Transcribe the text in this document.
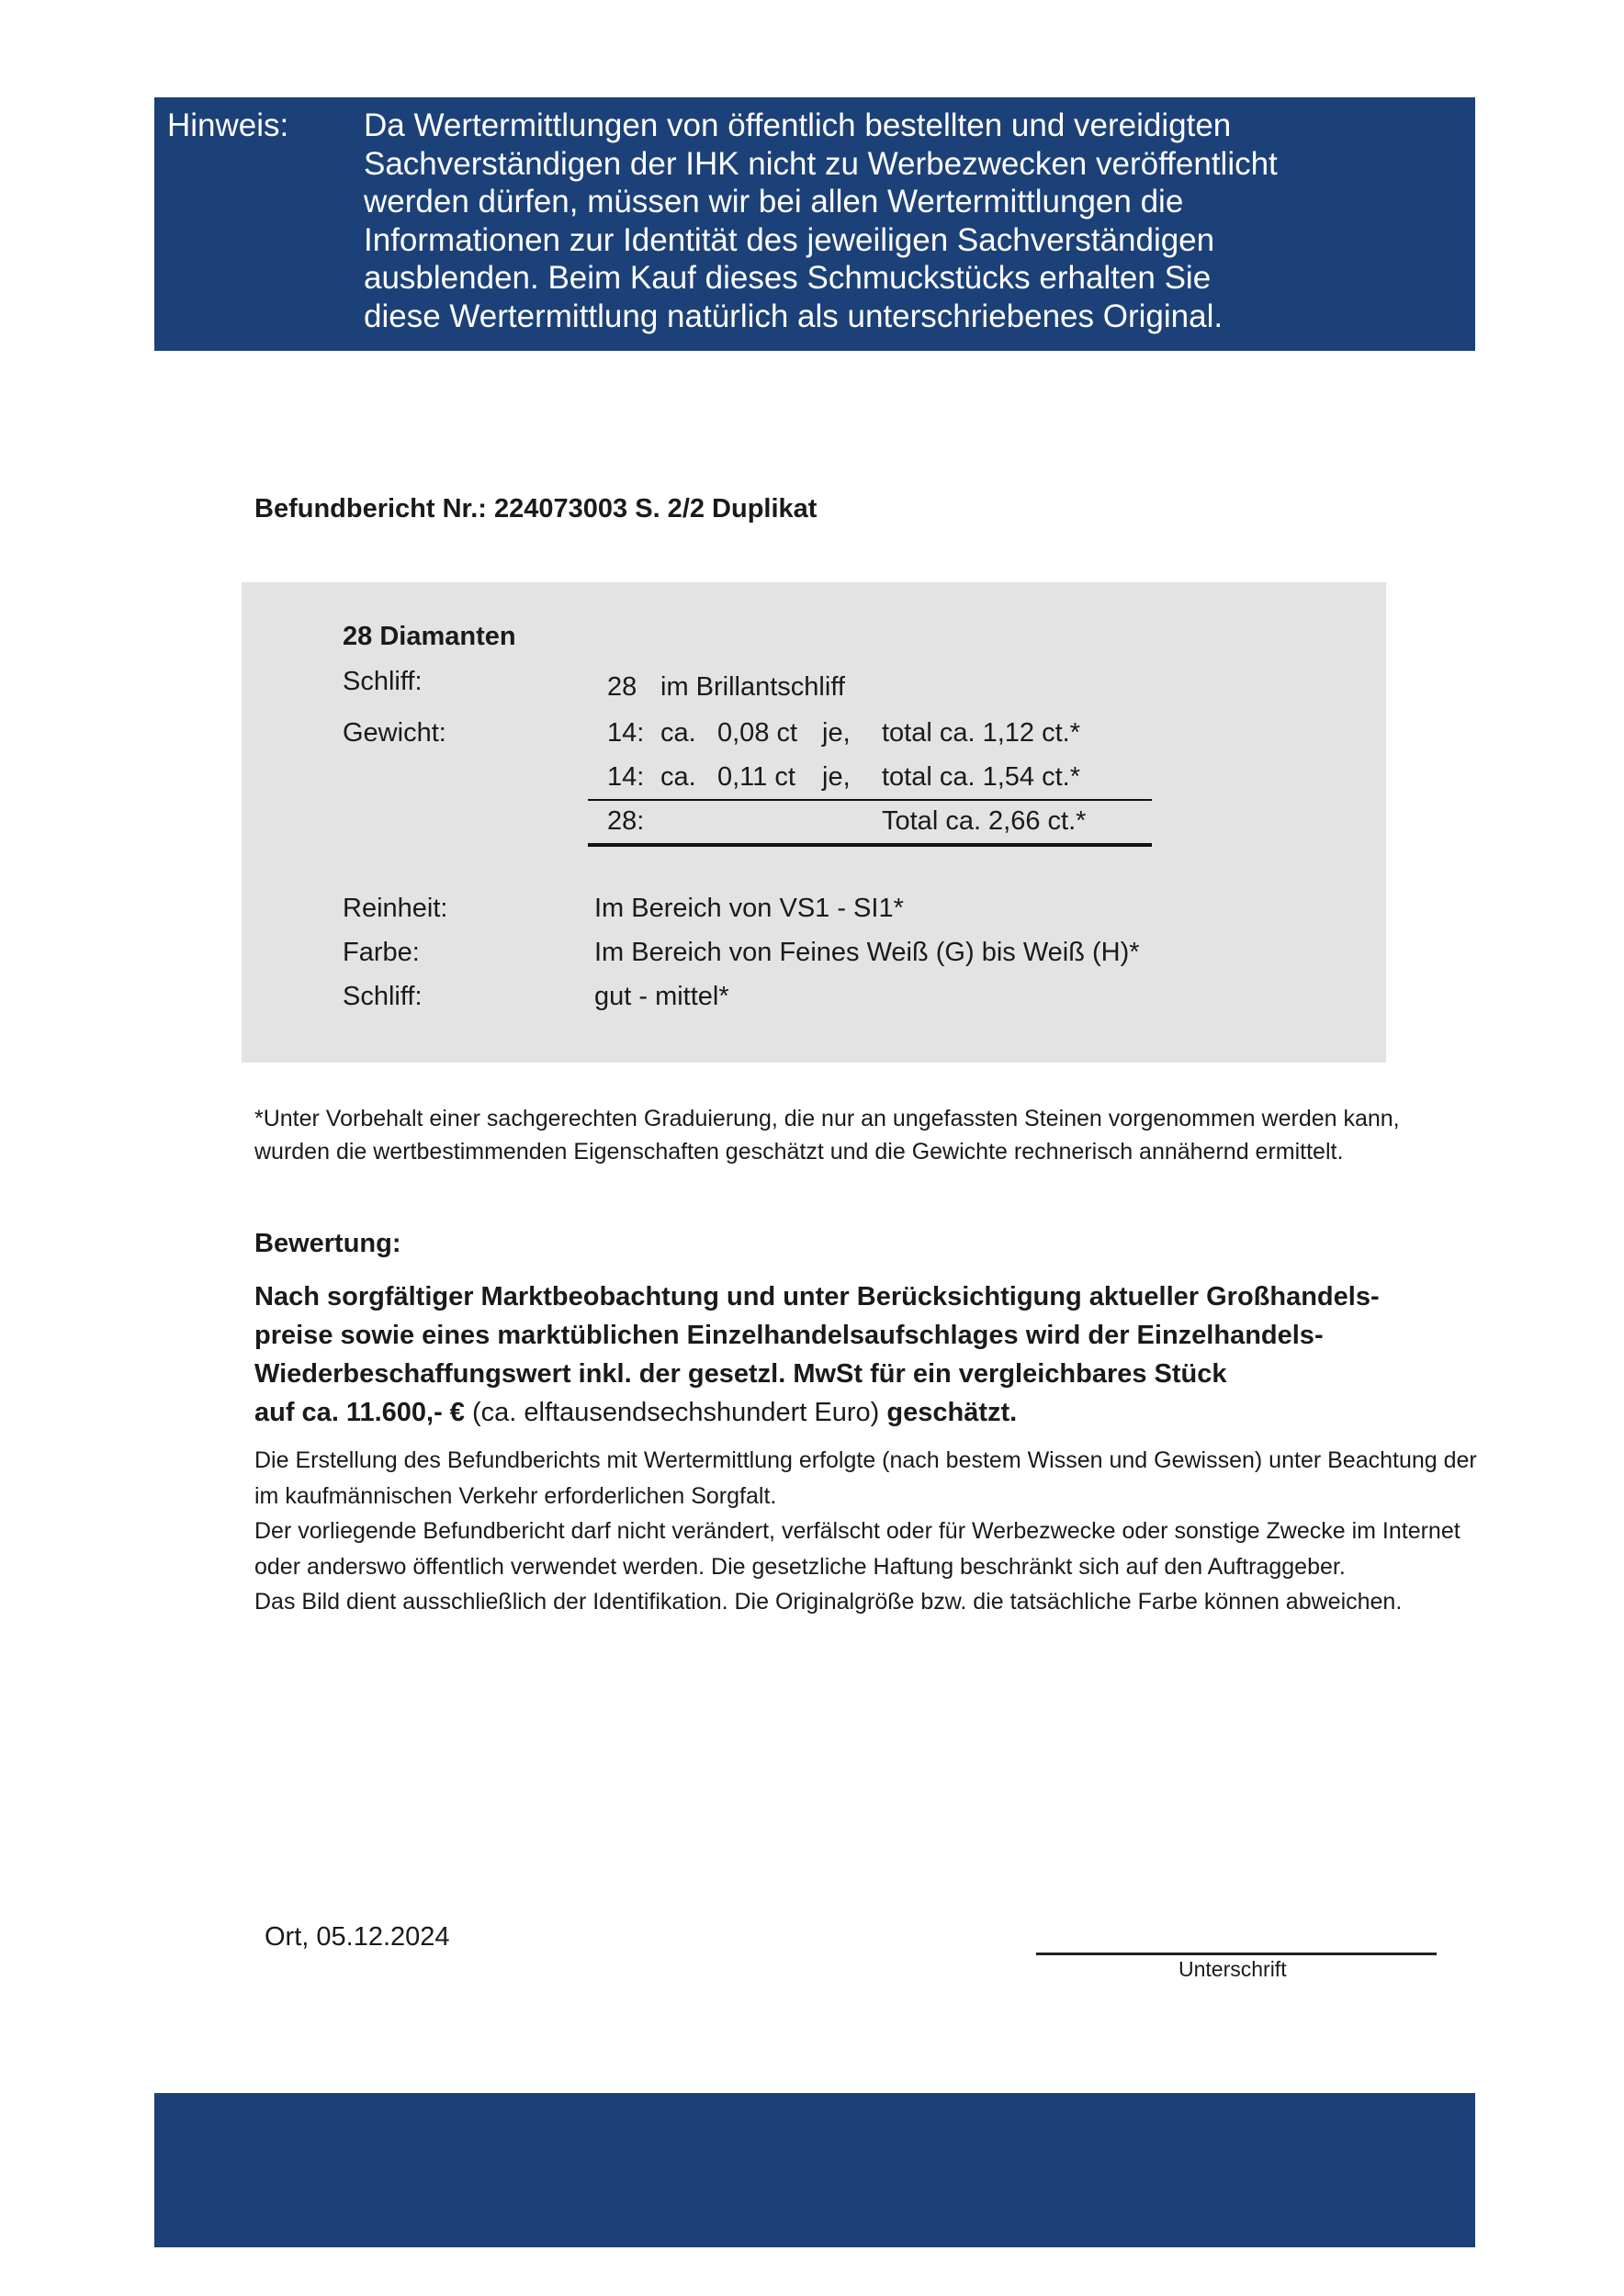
Hinweis: Da Wertermittlungen von öffentlich bestellten und vereidigten
Sachverständigen der IHK nicht zu Werbezwecken veröffentlicht
werden dürfen, müssen wir bei allen Wertermittlungen die
Informationen zur Identität des jeweiligen Sachverständigen
ausblenden. Beim Kauf dieses Schmuckstücks erhalten Sie
diese Wertermittlung natürlich als unterschriebenes Original.
Befundbericht Nr.: 224073003 S. 2/2 Duplikat
28 Diamanten
Schliff:	28 im Brillantschliff
Gewicht:	14: ca. 0,08 ct je, total ca. 1,12 ct.*
14: ca. 0,11 ct je, total ca. 1,54 ct.*
28:	Total ca. 2,66 ct.*
Reinheit:	Im Bereich von VS1 - SI1*
Farbe:	Im Bereich von Feines Weiß (G) bis Weiß (H)*
Schliff:	gut - mittel*
*Unter Vorbehalt einer sachgerechten Graduierung, die nur an ungefassten Steinen vorgenommen werden kann, wurden die wertbestimmenden Eigenschaften geschätzt und die Gewichte rechnerisch annähernd ermittelt.
Bewertung:
Nach sorgfältiger Marktbeobachtung und unter Berücksichtigung aktueller Großhandels-
preise sowie eines marktüblichen Einzelhandelsaufschlages wird der Einzelhandels-
Wiederbeschaffungswert inkl. der gesetzl. MwSt für ein vergleichbares Stück
auf ca. 11.600,- € (ca. elftausendsechshundert Euro) geschätzt.

Die Erstellung des Befundberichts mit Wertermittlung erfolgte (nach bestem Wissen und Gewissen) unter Beachtung der im kaufmännischen Verkehr erforderlichen Sorgfalt.

Der vorliegende Befundbericht darf nicht verändert, verfälscht oder für Werbezwecke oder sonstige Zwecke im Internet oder anderswo öffentlich verwendet werden. Die gesetzliche Haftung beschränkt sich auf den Auftraggeber.

Das Bild dient ausschließlich der Identifikation. Die Originalgröße bzw. die tatsächliche Farbe können abweichen.

Ort, 05.12.2024
Unterschrift
